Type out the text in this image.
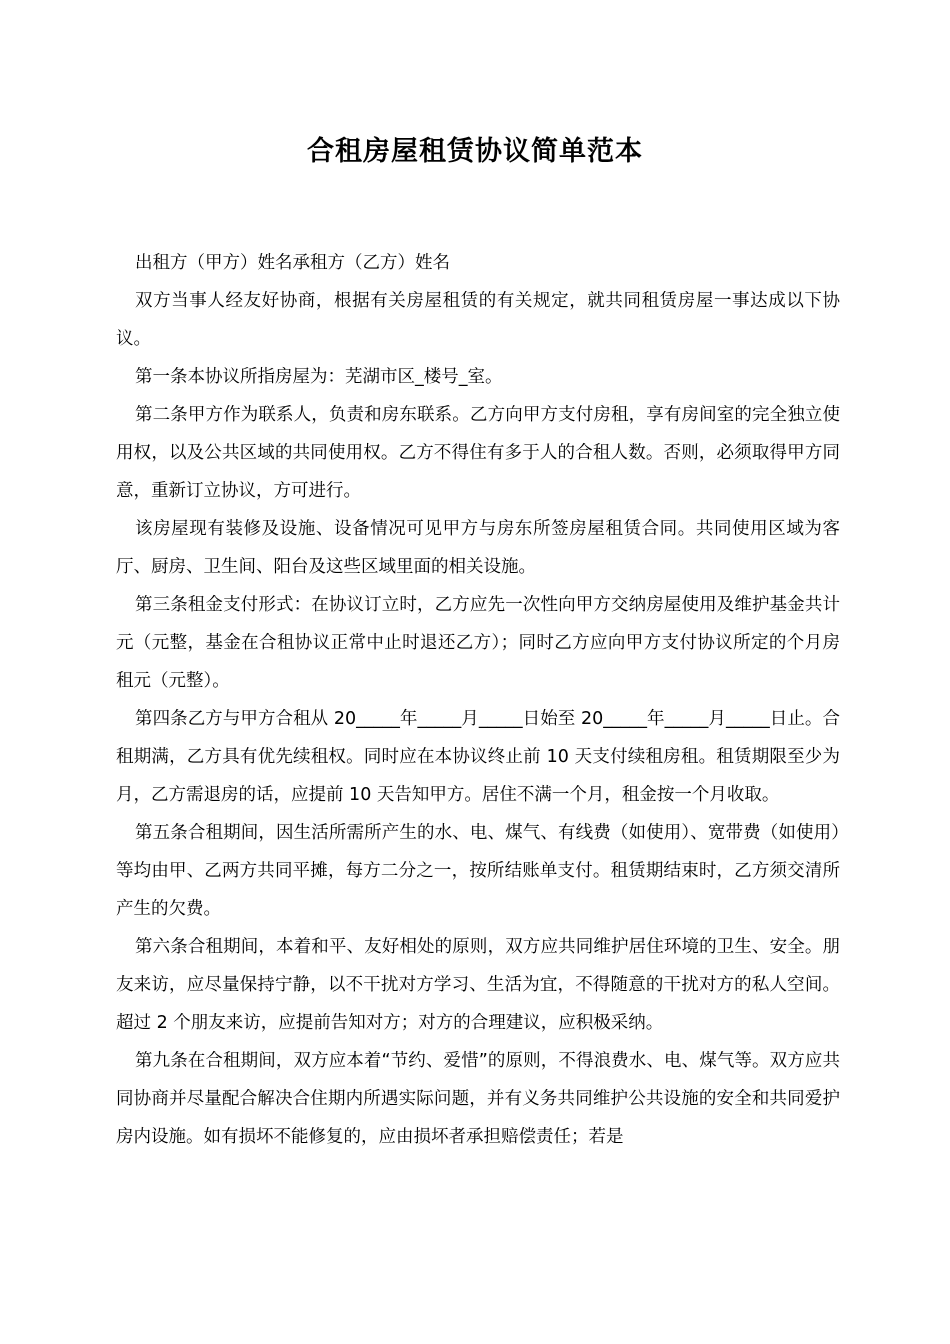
合租房屋租赁协议简单范本

出租方（甲方）姓名承租方（乙方）姓名

双方当事人经友好协商，根据有关房屋租赁的有关规定，就共同租赁房屋一事达成以下协议。

第一条本协议所指房屋为：芜湖市区_楼号_室。

第二条甲方作为联系人，负责和房东联系。乙方向甲方支付房租，享有房间室的完全独立使用权，以及公共区域的共同使用权。乙方不得住有多于人的合租人数。否则，必须取得甲方同意，重新订立协议，方可进行。

该房屋现有装修及设施、设备情况可见甲方与房东所签房屋租赁合同。共同使用区域为客厅、厨房、卫生间、阳台及这些区域里面的相关设施。

第三条租金支付形式：在协议订立时，乙方应先一次性向甲方交纳房屋使用及维护基金共计元（元整，基金在合租协议正常中止时退还乙方）；同时乙方应向甲方支付协议所定的个月房租元（元整）。

第四条乙方与甲方合租从 20_____年_____月_____日始至 20_____年_____月_____日止。合租期满，乙方具有优先续租权。同时应在本协议终止前 10 天支付续租房租。租赁期限至少为月，乙方需退房的话，应提前 10 天告知甲方。居住不满一个月，租金按一个月收取。

第五条合租期间，因生活所需所产生的水、电、煤气、有线费（如使用）、宽带费（如使用）等均由甲、乙两方共同平摊，每方二分之一，按所结账单支付。租赁期结束时，乙方须交清所产生的欠费。

第六条合租期间，本着和平、友好相处的原则，双方应共同维护居住环境的卫生、安全。朋友来访，应尽量保持宁静，以不干扰对方学习、生活为宜，不得随意的干扰对方的私人空间。超过 2 个朋友来访，应提前告知对方；对方的合理建议，应积极采纳。

第九条在合租期间，双方应本着“节约、爱惜”的原则，不得浪费水、电、煤气等。双方应共同协商并尽量配合解决合住期内所遇实际问题，并有义务共同维护公共设施的安全和共同爱护房内设施。如有损坏不能修复的，应由损坏者承担赔偿责任；若是
